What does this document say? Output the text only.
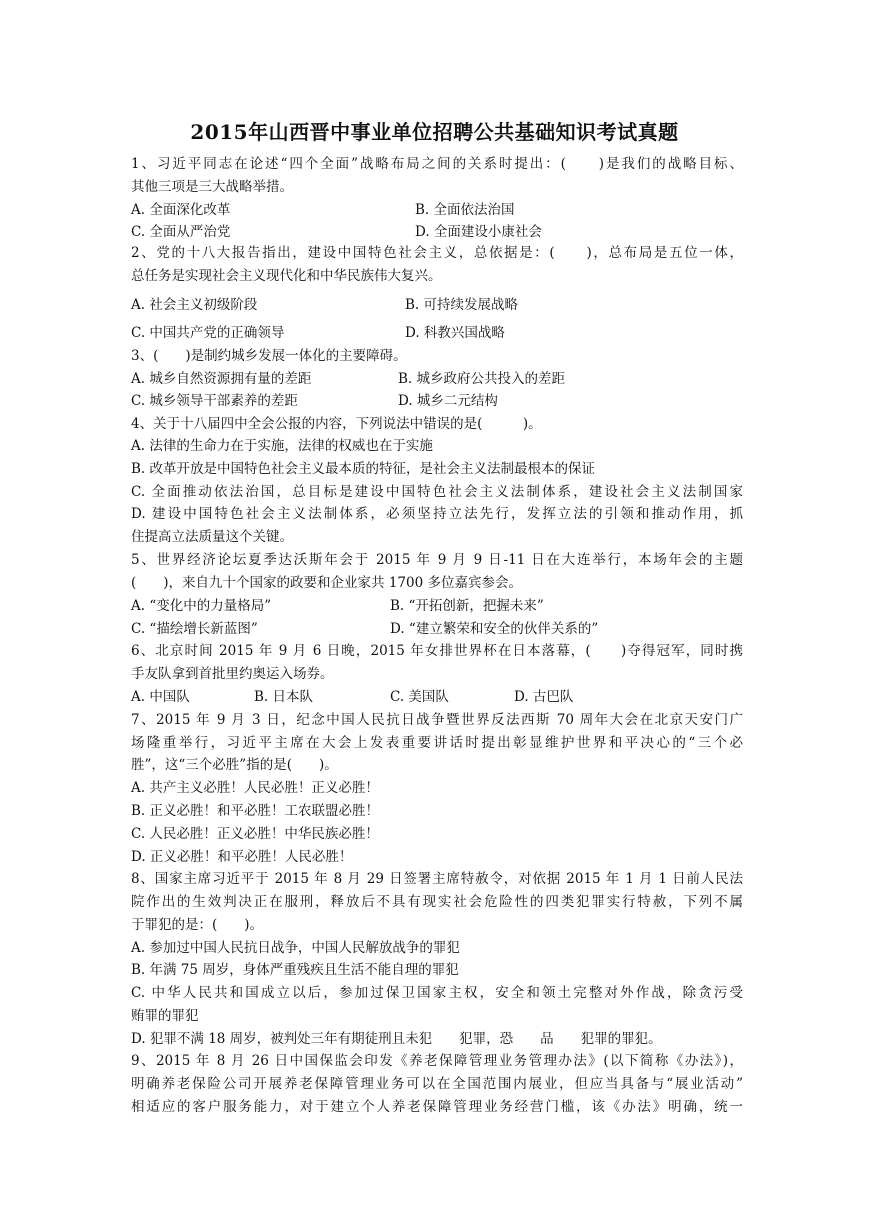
2015年山西晋中事业单位招聘公共基础知识考试真题
1、习近平同志在论述“四个全面”战略布局之间的关系时提出：(　　)是我们的战略目标、
其他三项是三大战略举措。
A. 全面深化改革	B. 全面依法治国
C. 全面从严治党	D. 全面建设小康社会
2、党的十八大报告指出，建设中国特色社会主义，总依据是：(　　)，总布局是五位一体，
总任务是实现社会主义现代化和中华民族伟大复兴。
A. 社会主义初级阶段	B. 可持续发展战略
C. 中国共产党的正确领导	D. 科教兴国战略
3、(　　)是制约城乡发展一体化的主要障碍。
A. 城乡自然资源拥有量的差距	B. 城乡政府公共投入的差距
C. 城乡领导干部素养的差距	D. 城乡二元结构
4、关于十八届四中全会公报的内容，下列说法中错误的是(　　　)。
A. 法律的生命力在于实施，法律的权威也在于实施
B. 改革开放是中国特色社会主义最本质的特征，是社会主义法制最根本的保证
C. 全面推动依法治国，总目标是建设中国特色社会主义法制体系，建设社会主义法制国家
D. 建设中国特色社会主义法制体系，必须坚持立法先行，发挥立法的引领和推动作用，抓
住提高立法质量这个关键。
5、世界经济论坛夏季达沃斯年会于 2015 年 9 月 9 日-11 日在大连举行，本场年会的主题
(　　)，来自九十个国家的政要和企业家共 1700 多位嘉宾参会。
A. “变化中的力量格局”	B. “开拓创新，把握未来”
C. “描绘增长新蓝图”	D. “建立繁荣和安全的伙伴关系的”
6、北京时间 2015 年 9 月 6 日晚，2015 年女排世界杯在日本落幕，(　　)夺得冠军，同时携
手友队拿到首批里约奥运入场券。
A. 中国队	B. 日本队	C. 美国队	D. 古巴队
7、2015 年 9 月 3 日，纪念中国人民抗日战争暨世界反法西斯 70 周年大会在北京天安门广
场隆重举行，习近平主席在大会上发表重要讲话时提出彰显维护世界和平决心的“三个必
胜”，这“三个必胜”指的是(　　)。
A. 共产主义必胜！人民必胜！正义必胜！
B. 正义必胜！和平必胜！工农联盟必胜！
C. 人民必胜！正义必胜！中华民族必胜！
D. 正义必胜！和平必胜！人民必胜！
8、国家主席习近平于 2015 年 8 月 29 日签署主席特赦令，对依据 2015 年 1 月 1 日前人民法
院作出的生效判决正在服刑，释放后不具有现实社会危险性的四类犯罪实行特赦，下列不属
于罪犯的是：(　　)。
A. 参加过中国人民抗日战争，中国人民解放战争的罪犯
B. 年满 75 周岁，身体严重残疾且生活不能自理的罪犯
C. 中华人民共和国成立以后，参加过保卫国家主权，安全和领土完整对外作战，除贪污受
贿罪的罪犯
D. 犯罪不满 18 周岁，被判处三年有期徒刑且未犯　　犯罪，恐　　品　　犯罪的罪犯。
9、2015 年 8 月 26 日中国保监会印发《养老保障管理业务管理办法》(以下简称《办法》)，
明确养老保险公司开展养老保障管理业务可以在全国范围内展业，但应当具备与“展业活动”
相适应的客户服务能力，对于建立个人养老保障管理业务经营门槛，该《办法》明确，统一
